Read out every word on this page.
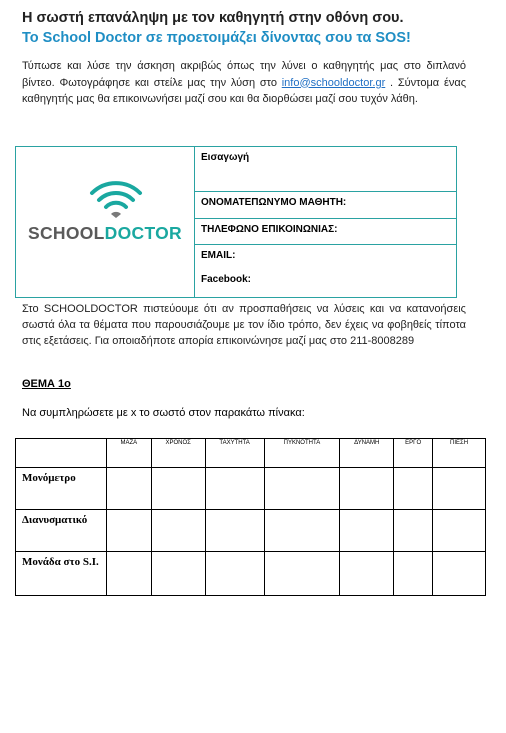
Η σωστή επανάληψη με τον καθηγητή στην οθόνη σου.
Το School Doctor σε προετοιμάζει δίνοντας σου τα SOS!
Τύπωσε και λύσε την άσκηση ακριβώς όπως την λύνει ο καθηγητής μας στο διπλανό βίντεο. Φωτογράφησε και στείλε μας την λύση στο info@schooldoctor.gr . Σύντομα ένας καθηγητής μας θα επικοινωνήσει μαζί σου και θα διορθώσει μαζί σου τυχόν λάθη.
SCHOOLDOCTOR

Εισαγωγή

ΟΝΟΜΑΤΕΠΩΝΥΜΟ ΜΑΘΗΤΗ:

ΤΗΛΕΦΩΝΟ ΕΠΙΚΟΙΝΩΝΙΑΣ:

EMAIL:

Facebook:
Στο SCHOOLDOCTOR πιστεύουμε ότι αν προσπαθήσεις να λύσεις και να κατανοήσεις σωστά όλα τα θέματα που παρουσιάζουμε με τον ίδιο τρόπο, δεν έχεις να φοβηθείς τίποτα στις εξετάσεις. Για οποιαδήποτε απορία επικοινώνησε μαζί μας στο 211-8008289
ΘΕΜΑ 1ο
Να συμπληρώσετε με x το σωστό στον παρακάτω πίνακα:
	ΜΑΖΑ	ΧΡΟΝΟΣ	ΤΑΧΥΤΗΤΑ	ΠΥΚΝΟΤΗΤΑ	ΔΥΝΑΜΗ	ΕΡΓΟ	ΠΙΕΣΗ
Μονόμετρο							
Διανυσματικό							
Μονάδα στο S.I.							
